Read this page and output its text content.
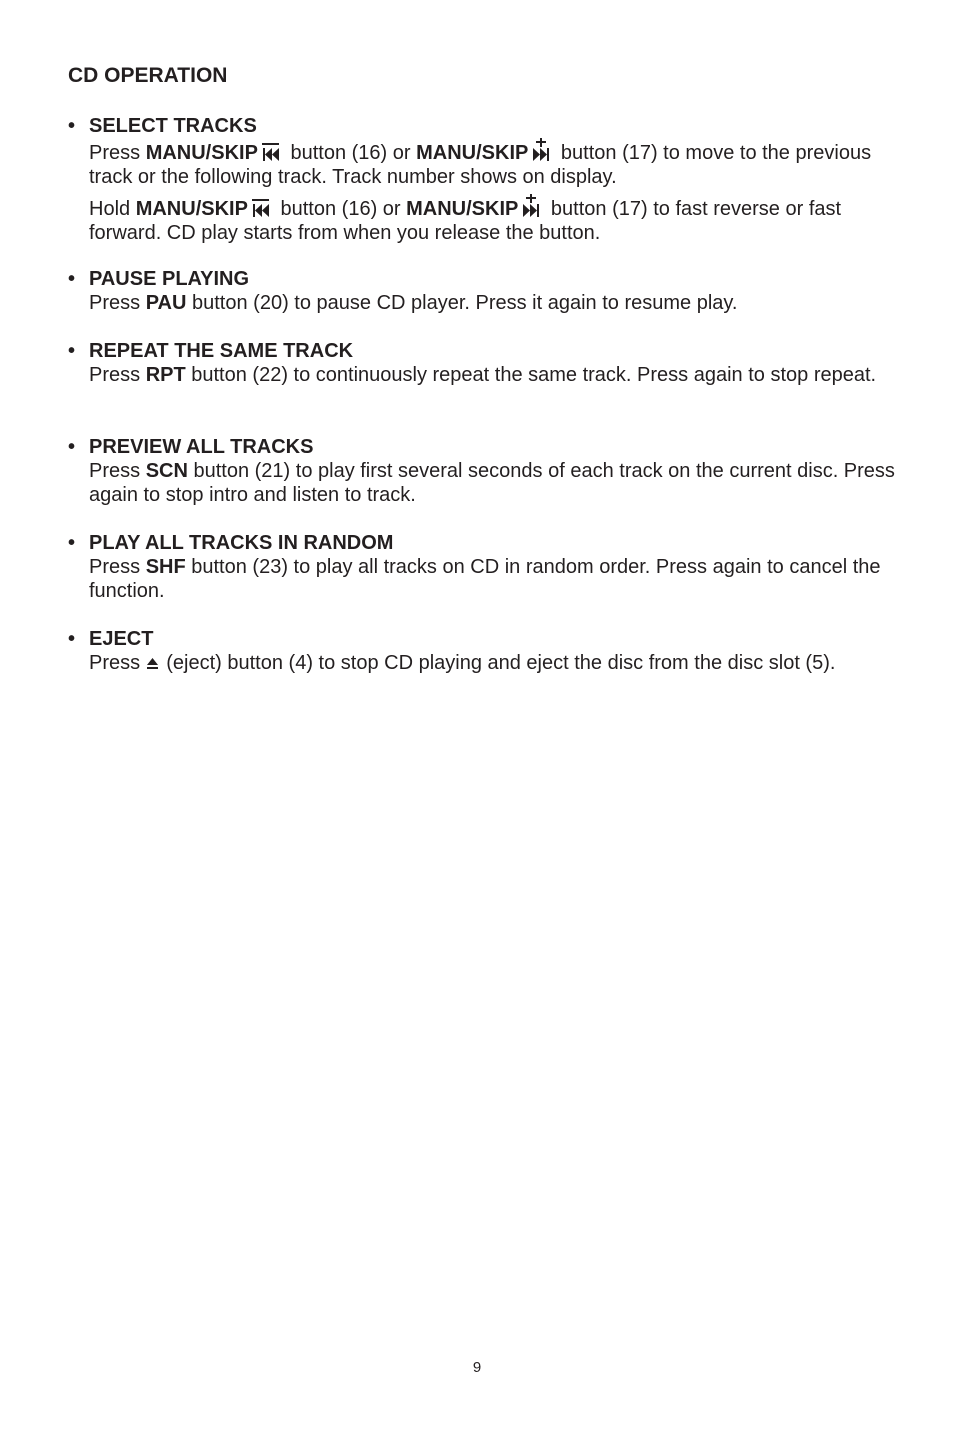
CD OPERATION
• SELECT TRACKS
Press MANU/SKIP
button (16) or MANU/SKIP
button (17) to move to the previous track or the following track. Track number shows on display.
Hold MANU/SKIP
button (16) or MANU/SKIP
button (17) to fast reverse or fast forward. CD play starts from when you release the button.
• PAUSE PLAYING
Press PAU button (20) to pause CD player. Press it again to resume play.
• REPEAT THE SAME TRACK
Press RPT button (22) to continuously repeat the same track. Press again to stop repeat.
• PREVIEW ALL TRACKS
Press SCN button (21) to play first several seconds of each track on the current disc. Press again to stop intro and listen to track.
• PLAY ALL TRACKS IN RANDOM
Press SHF button (23) to play all tracks on CD in random order. Press again to cancel the function.
• EJECT
Press
(eject) button (4) to stop CD playing and eject the disc from the disc slot (5).
9
